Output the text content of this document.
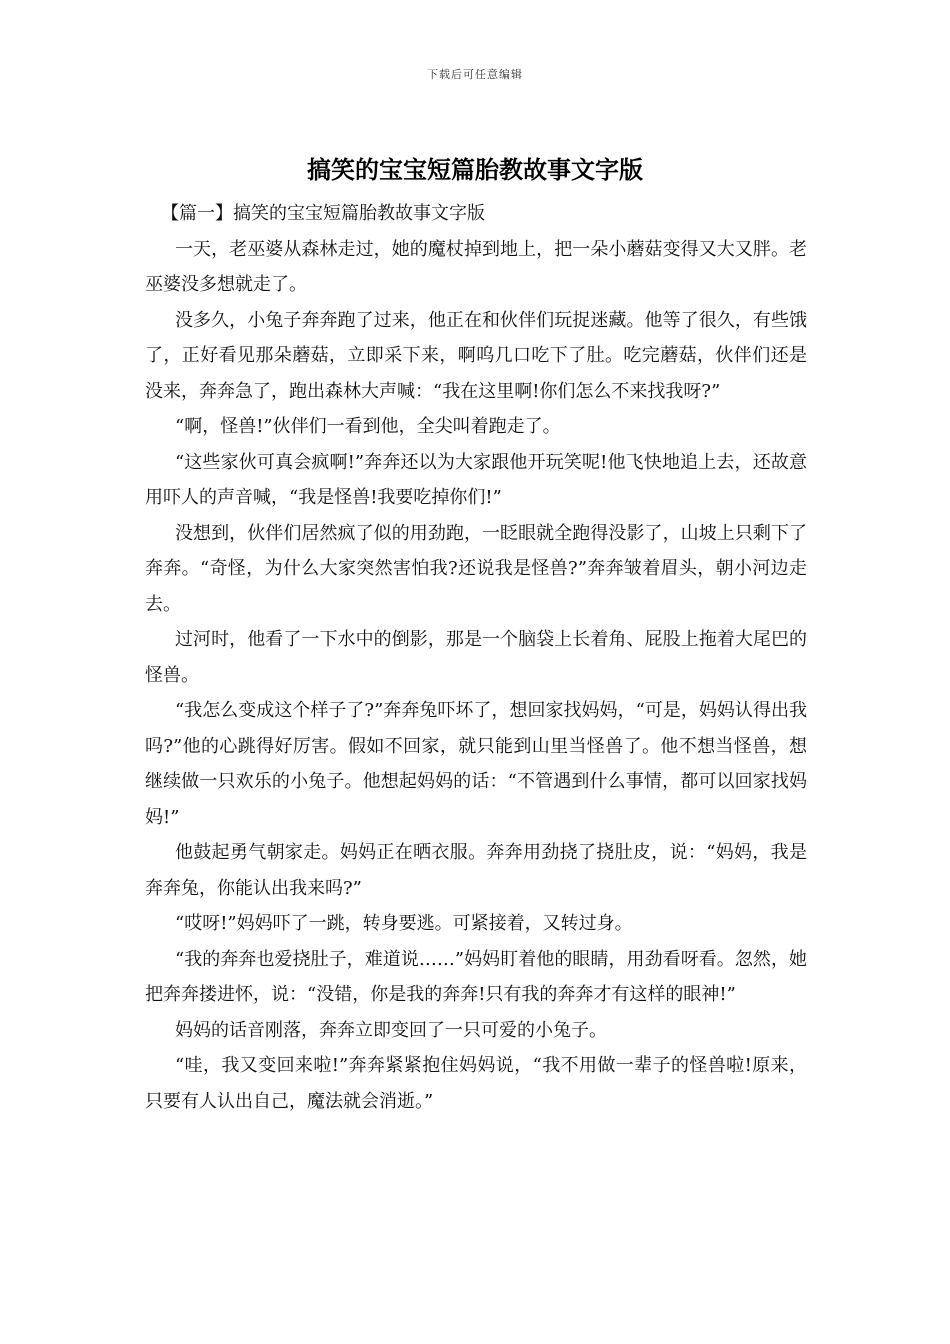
下载后可任意编辑
搞笑的宝宝短篇胎教故事文字版

【篇一】搞笑的宝宝短篇胎教故事文字版

一天，老巫婆从森林走过，她的魔杖掉到地上，把一朵小蘑菇变得又大又胖。老巫婆没多想就走了。

没多久，小兔子奔奔跑了过来，他正在和伙伴们玩捉迷藏。他等了很久，有些饿了，正好看见那朵蘑菇，立即采下来，啊呜几口吃下了肚。吃完蘑菇，伙伴们还是没来，奔奔急了，跑出森林大声喊：“我在这里啊!你们怎么不来找我呀?”

“啊，怪兽!”伙伴们一看到他，全尖叫着跑走了。

“这些家伙可真会疯啊!”奔奔还以为大家跟他开玩笑呢!他飞快地追上去，还故意用吓人的声音喊，“我是怪兽!我要吃掉你们!”

没想到，伙伴们居然疯了似的用劲跑，一眨眼就全跑得没影了，山坡上只剩下了奔奔。“奇怪，为什么大家突然害怕我?还说我是怪兽?”奔奔皱着眉头，朝小河边走去。

过河时，他看了一下水中的倒影，那是一个脑袋上长着角、屁股上拖着大尾巴的怪兽。

“我怎么变成这个样子了?”奔奔兔吓坏了，想回家找妈妈，“可是，妈妈认得出我吗?”他的心跳得好厉害。假如不回家，就只能到山里当怪兽了。他不想当怪兽，想继续做一只欢乐的小兔子。他想起妈妈的话：“不管遇到什么事情，都可以回家找妈妈!”

他鼓起勇气朝家走。妈妈正在晒衣服。奔奔用劲挠了挠肚皮，说：“妈妈，我是奔奔兔，你能认出我来吗?”

“哎呀!”妈妈吓了一跳，转身要逃。可紧接着，又转过身。

“我的奔奔也爱挠肚子，难道说……”妈妈盯着他的眼睛，用劲看呀看。忽然，她把奔奔搂进怀，说：“没错，你是我的奔奔!只有我的奔奔才有这样的眼神!”

妈妈的话音刚落，奔奔立即变回了一只可爱的小兔子。

“哇，我又变回来啦!”奔奔紧紧抱住妈妈说，“我不用做一辈子的怪兽啦!原来，只要有人认出自己，魔法就会消逝。”
